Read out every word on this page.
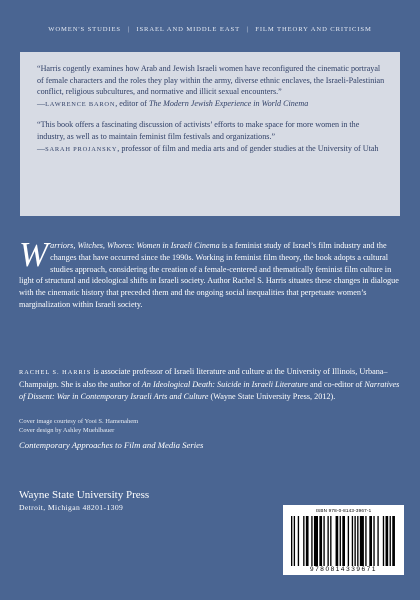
WOMEN'S STUDIES | ISRAEL AND MIDDLE EAST | FILM THEORY AND CRITICISM

“Harris cogently examines how Arab and Jewish Israeli women have reconfigured the cinematic portrayal of female characters and the roles they play within the army, diverse ethnic enclaves, the Israeli-Palestinian conflict, religious subcultures, and normative and illicit sexual encounters.”
—LAWRENCE BARON, editor of The Modern Jewish Experience in World Cinema

“This book offers a fascinating discussion of activists’ efforts to make space for more women in the industry, as well as to maintain feminist film festivals and organizations.”
—SARAH PROJANSKY, professor of film and media arts and of gender studies at the University of Utah

Warriors, Witches, Whores: Women in Israeli Cinema is a feminist study of Israel’s film industry and the changes that have occurred since the 1990s. Working in feminist film theory, the book adopts a cultural studies approach, considering the creation of a female-centered and thematically feminist film culture in light of structural and ideological shifts in Israeli society. Author Rachel S. Harris situates these changes in dialogue with the cinematic history that preceded them and the ongoing social inequalities that perpetuate women’s marginalization within Israeli society.

RACHEL S. HARRIS is associate professor of Israeli literature and culture at the University of Illinois, Urbana–Champaign. She is also the author of An Ideological Death: Suicide in Israeli Literature and co-editor of Narratives of Dissent: War in Contemporary Israeli Arts and Culture (Wayne State University Press, 2012).

Cover image courtesy of Yooi S. Hamenahem
Cover design by Ashley Muehlbauer
Contemporary Approaches to Film and Media Series
Wayne State University Press
Detroit, Michigan 48201-1309	ISBN 978-0-8143-3967-1
9780814339671
